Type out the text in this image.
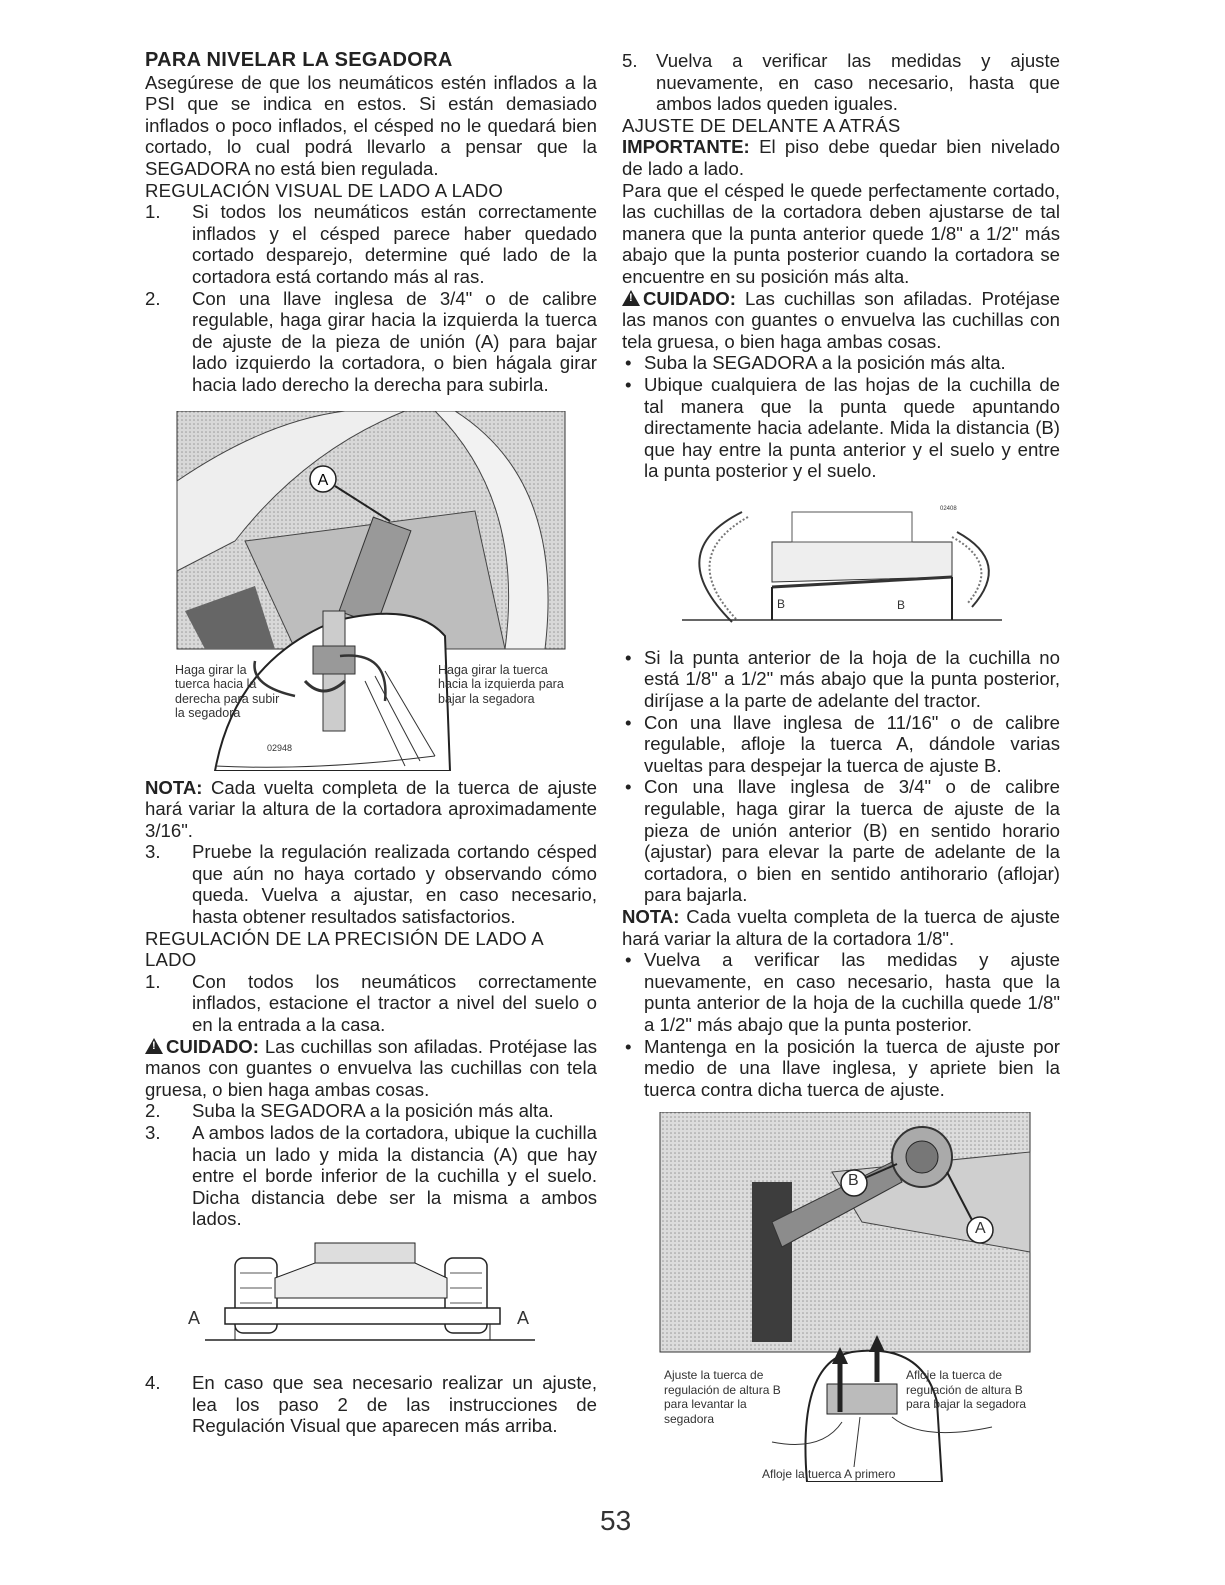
PARA NIVELAR LA SEGADORA

Asegúrese de que los neumáticos estén inflados a la PSI que se indica en estos. Si están demasiado inflados o poco inflados, el césped no le quedará bien cortado, lo cual podrá llevarlo a pensar que la SEGADORA no está bien regulada.

REGULACIÓN VISUAL DE LADO A LADO
1. Si todos los neumáticos están correctamente inflados y el césped parece haber quedado cortado desparejo, determine qué lado de la cortadora está cortando más al ras.
2. Con una llave inglesa de 3/4" o de calibre regulable, haga girar hacia la izquierda la tuerca de ajuste de la pieza de unión (A) para bajar lado izquierdo la cortadora, o bien hágala girar hacia lado derecho la derecha para subirla.
A
Haga girar la tuerca hacia la derecha para subir la segadora
Haga girar la tuerca hacia la izquierda para bajar la segadora
02948

NOTA: Cada vuelta completa de la tuerca de ajuste hará variar la altura de la cortadora aproximadamente 3/16".

3. Pruebe la regulación realizada cortando césped que aún no haya cortado y observando cómo queda. Vuelva a ajustar, en caso necesario, hasta obtener resultados satisfactorios.
REGULACIÓN DE LA PRECISIÓN DE LADO A LADO
1. Con todos los neumáticos correctamente inflados, estacione el tractor a nivel del suelo o en la entrada a la casa.

!CUIDADO: Las cuchillas son afiladas. Protéjase las manos con guantes o envuelva las cuchillas con tela gruesa, o bien haga ambas cosas.

2. Suba la SEGADORA a la posición más alta.
3. A ambos lados de la cortadora, ubique la cuchilla hacia un lado y mida la distancia (A) que hay entre el borde inferior de la cuchilla y el suelo. Dicha distancia debe ser la misma a ambos lados.
A	A
4. En caso que sea necesario realizar un ajuste, lea los paso 2 de las instrucciones de Regulación Visual que aparecen más arriba.
5. Vuelva a verificar las medidas y ajuste nuevamente, en caso necesario, hasta que ambos lados queden iguales.
AJUSTE DE DELANTE A ATRÁS

IMPORTANTE: El piso debe quedar bien nivelado de lado a lado.

Para que el césped le quede perfectamente cortado, las cuchillas de la cortadora deben ajustarse de tal manera que la punta anterior quede 1/8" a 1/2" más abajo que la punta posterior cuando la cortadora se encuentre en su posición más alta.

!CUIDADO: Las cuchillas son afiladas. Protéjase las manos con guantes o envuelva las cuchillas con tela gruesa, o bien haga ambas cosas.

• Suba la SEGADORA a la posición más alta.
• Ubique cualquiera de las hojas de la cuchilla de tal manera que la punta quede apuntando directamente hacia adelante. Mida la distancia (B) que hay entre la punta anterior y el suelo y entre la punta posterior y el suelo.
B	B
02408
• Si la punta anterior de la hoja de la cuchilla no está 1/8" a 1/2" más abajo que la punta posterior, diríjase a la parte de adelante del tractor.
• Con una llave inglesa de 11/16" o de calibre regulable, afloje la tuerca A, dándole varias vueltas para despejar la tuerca de ajuste B.
• Con una llave inglesa de 3/4" o de calibre regulable, haga girar la tuerca de ajuste de la pieza de unión anterior (B) en sentido horario (ajustar) para elevar la parte de adelante de la cortadora, o bien en sentido antihorario (aflojar) para bajarla.

NOTA: Cada vuelta completa de la tuerca de ajuste hará variar la altura de la cortadora 1/8".

• Vuelva a verificar las medidas y ajuste nuevamente, en caso necesario, hasta que la punta anterior de la hoja de la cuchilla quede 1/8" a 1/2" más abajo que la punta posterior.
• Mantenga en la posición la tuerca de ajuste por medio de una llave inglesa, y apriete bien la tuerca contra dicha tuerca de ajuste.
B
A
Ajuste la tuerca de regulación de altura B para levantar la segadora
Afloje la tuerca de regulación de altura B para bajar la segadora
Afloje la tuerca A primero
53
